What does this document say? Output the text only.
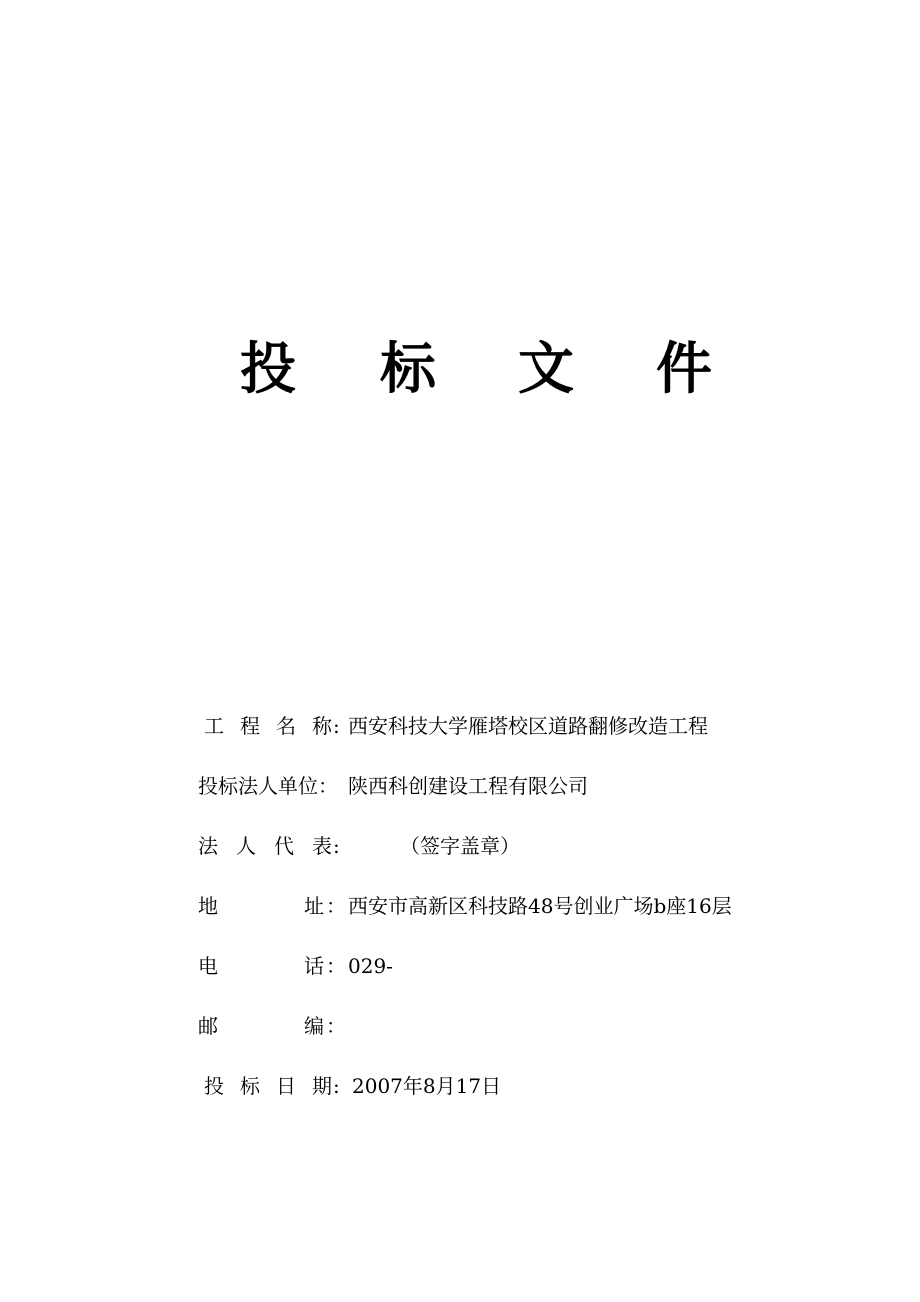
投 标 文 件
工 程 名 称 : 西安科技大学雁塔校区道路翻修改造工程
投标法人单位： 陕西科创建设工程有限公司
法 人 代 表 :	（签字盖章）
地	址 ： 西安市高新区科技路48号创业广场b座16层
电	话 ： 029-
邮	编 ：
投 标 日 期 : 2007年8月17日
